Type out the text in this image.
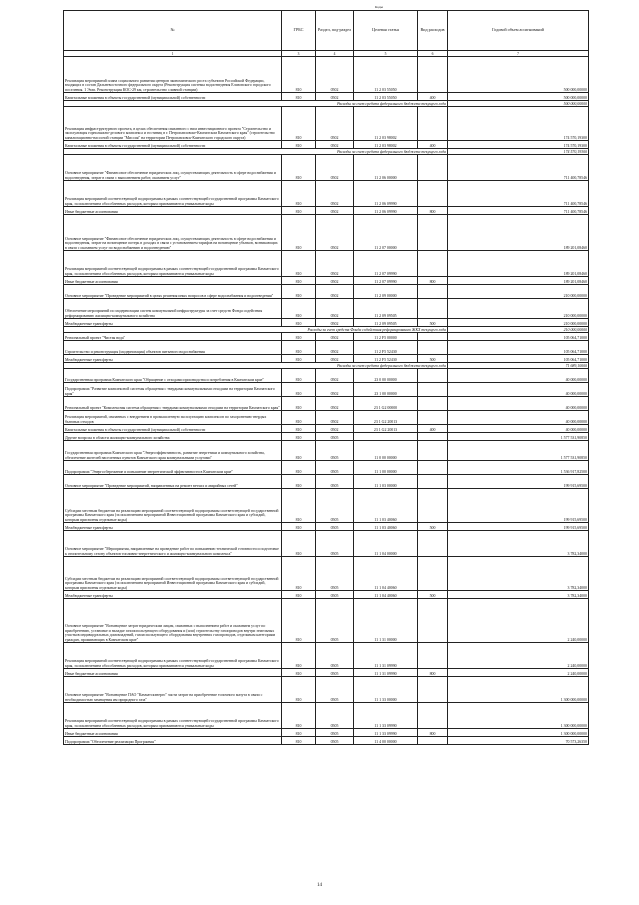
Коды
№	ГРБС	Раздел, под-раздел	Целевая статья	Вид расходов	Годовой объем ассигнований
1	3	4	5	6	7
Реализация мероприятий плана социального развития центров экономического роста субъектов Российской Федерации, входящих в состав Дальневосточного федерального округа (Реконструкция системы водоотведения Елизовского городского поселения. 1 Этап. Реконструкция КОС-29 км, строительство сливной станции)	810	0502	11 2 03 55050		500 000,00000
Капитальные вложения в объекты государственной (муниципальной) собственности	810	0502	11 2 03 55050	400	500 000,00000
Расходы за счет средств федерального бюджета текущего года					500 000,00000
Реализация инфраструктурного проекта, в целях обеспечения связанного с ним инвестиционного проекта "Строительство и эксплуатация горнолыжно-делового комплекса и гостиниц в г. Петропавловске-Камчатском Камчатского края" (строительство канализационно-насосной станции "Миссия" на территории Петропавловск-Камчатского городского округа)	810	0502	11 2 03 98002		174 570,19300
Капитальные вложения в объекты государственной (муниципальной) собственности	810	0502	11 2 03 98002	400	174 570,19300
Расходы за счет средств федерального бюджета текущего года					174 570,19300
Основное мероприятие "Финансовое обеспечение юридических лиц, осуществляющих деятельность в сфере водоснабжения и водоотведения, затрат в связи с выполнением работ, оказанием услуг"	810	0502	11 2 06 00000		711 400,78546
Реализация мероприятий соответствующей подпрограммы в рамках соответствующей государственной программы Камчатского края, за исключением обособленных расходов, которым присваиваются уникальные коды	810	0502	11 2 06 09990		711 400,78546
Иные бюджетные ассигнования	810	0502	11 2 06 09990	800	711 400,78546
Основное мероприятие "Финансовое обеспечение юридических лиц, осуществляющих деятельность в сфере водоснабжения и водоотведения, затрат на возмещение потерь в доходах в связи с установлением тарифов на возмещение убытков, возникающих в связи с оказанием услуг по водоснабжению и водоотведению"	810	0502	11 2 07 00000		189 201,08460
Реализация мероприятий соответствующей подпрограммы в рамках соответствующей государственной программы Камчатского края, за исключением обособленных расходов, которым присваиваются уникальные коды	810	0502	11 2 07 09990		189 201,08460
Иные бюджетные ассигнования	810	0502	11 2 07 09990	800	189 201,08460
Основное мероприятие "Проведение мероприятий в целях решения иных вопросов в сфере водоснабжения и водоотведения"	810	0502	11 2 09 00000		210 000,00000
Обеспечение мероприятий по модернизации систем коммунальной инфраструктуры за счет средств Фонда содействия реформированию жилищно-коммунального хозяйства	810	0502	11 2 09 09505		210 000,00000
Межбюджетные трансферты	810	0502	11 2 09 09505	500	210 000,00000
Расходы за счет средств Фонда содействия реформированию ЖКХ текущего года					210 000,00000
Региональный проект "Чистая вода"	810	0502	11 2 F5 00000		105 064,71000
Строительство и реконструкция (модернизация) объектов питьевого водоснабжения	810	0502	11 2 F5 52430		105 064,71000
Межбюджетные трансферты	810	0502	11 2 F5 52430	500	105 064,71000
Расходы за счет средств федерального бюджета текущего года					71 689,10000
Государственная программа Камчатского края "Обращение с отходами производства и потребления в Камчатском крае"	810	0502	23 0 00 00000		40 000,00000
Подпрограмма "Развитие комплексной системы обращения с твердыми коммунальными отходами на территории Камчатского края"	810	0502	23 1 00 00000		40 000,00000
Региональный проект "Комплексная система обращения с твердыми коммунальными отходами на территории Камчатского края"	810	0502	23 1 G2 00000		40 000,00000
Реализация мероприятий, связанных с внедрением в промышленную эксплуатацию комплексов по захоронению твердых бытовых отходов	810	0502	23 1 G2 20013		40 000,00000
Капитальные вложения в объекты государственной (муниципальной) собственности	810	0502	23 1 G2 20013	400	40 000,00000
Другие вопросы в области жилищно-коммунального хозяйства	810	0505			1 577 531,90850
Государственная программа Камчатского края "Энергоэффективность, развитие энергетики и коммунального хозяйства, обеспечение жителей населенных пунктов Камчатского края коммунальными услугами"	810	0505	11 0 00 00000		1 577 531,90850
Подпрограмма "Энергосбережение и повышение энергетической эффективности в Камчатском крае"	810	0505	11 1 00 00000		1 536 917,82500
Основное мероприятие "Проведение мероприятий, направленных на ремонт ветхих и аварийных сетей"	810	0505	11 1 03 00000		199 915,69500
Субсидии местным бюджетам на реализацию мероприятий соответствующей подпрограммы соответствующей государственной программы Камчатского края (за исключением мероприятий Инвестиционной программы Камчатского края и субсидий, которым присвоены отдельные коды)	810	0505	11 1 03 40060		199 915,69500
Межбюджетные трансферты	810	0505	11 1 03 40060	500	199 915,69500
Основное мероприятие "Мероприятия, направленные на проведение работ по повышению технической готовности и подготовке к отопительному сезону объектов топливно-энергетического и жилищно-коммунального комплекса"	810	0505	11 1 04 00000		3 782,34000
Субсидии местным бюджетам на реализацию мероприятий соответствующей подпрограммы соответствующей государственной программы Камчатского края (за исключением мероприятий Инвестиционной программы Камчатского края и субсидий, которым присвоены отдельные коды)	810	0505	11 1 04 40060		3 782,34000
Межбюджетные трансферты	810	0505	11 1 04 40060	500	3 782,34000
Основное мероприятие "Возмещение затрат юридическим лицам, связанных с выполнением работ и оказанием услуг по приобретению, установке и наладке газоиспользующего оборудования и (или) строительству газопроводов внутри земельных участков индивидуальных домовладений, газоиспользующего оборудования внутренних газопроводов, отдельным категориям граждан, проживающих в Камчатском крае"	810	0505	11 1 31 00000		2 240,00000
Реализация мероприятий соответствующей подпрограммы в рамках соответствующей государственной программы Камчатского края, за исключением обособленных расходов, которым присваиваются уникальные коды	810	0505	11 1 31 09990		2 240,00000
Иные бюджетные ассигнования	810	0505	11 1 31 09990	800	2 240,00000
Основное мероприятие "Возмещение ПАО "Камчатскэнерго" части затрат на приобретение топочного мазута в связи с необходимостью замещения им природного газа"	810	0505	11 1 33 00000		1 300 000,00000
Реализация мероприятий соответствующей подпрограммы в рамках соответствующей государственной программы Камчатского края, за исключением обособленных расходов, которым присваиваются уникальные коды	810	0505	11 1 33 09990		1 300 000,00000
Иные бюджетные ассигнования	810	0505	11 1 33 09990	800	1 300 000,00000
Подпрограмма "Обеспечение реализации Программы"	810	0505	11 4 00 00000		70 573,26350
14
